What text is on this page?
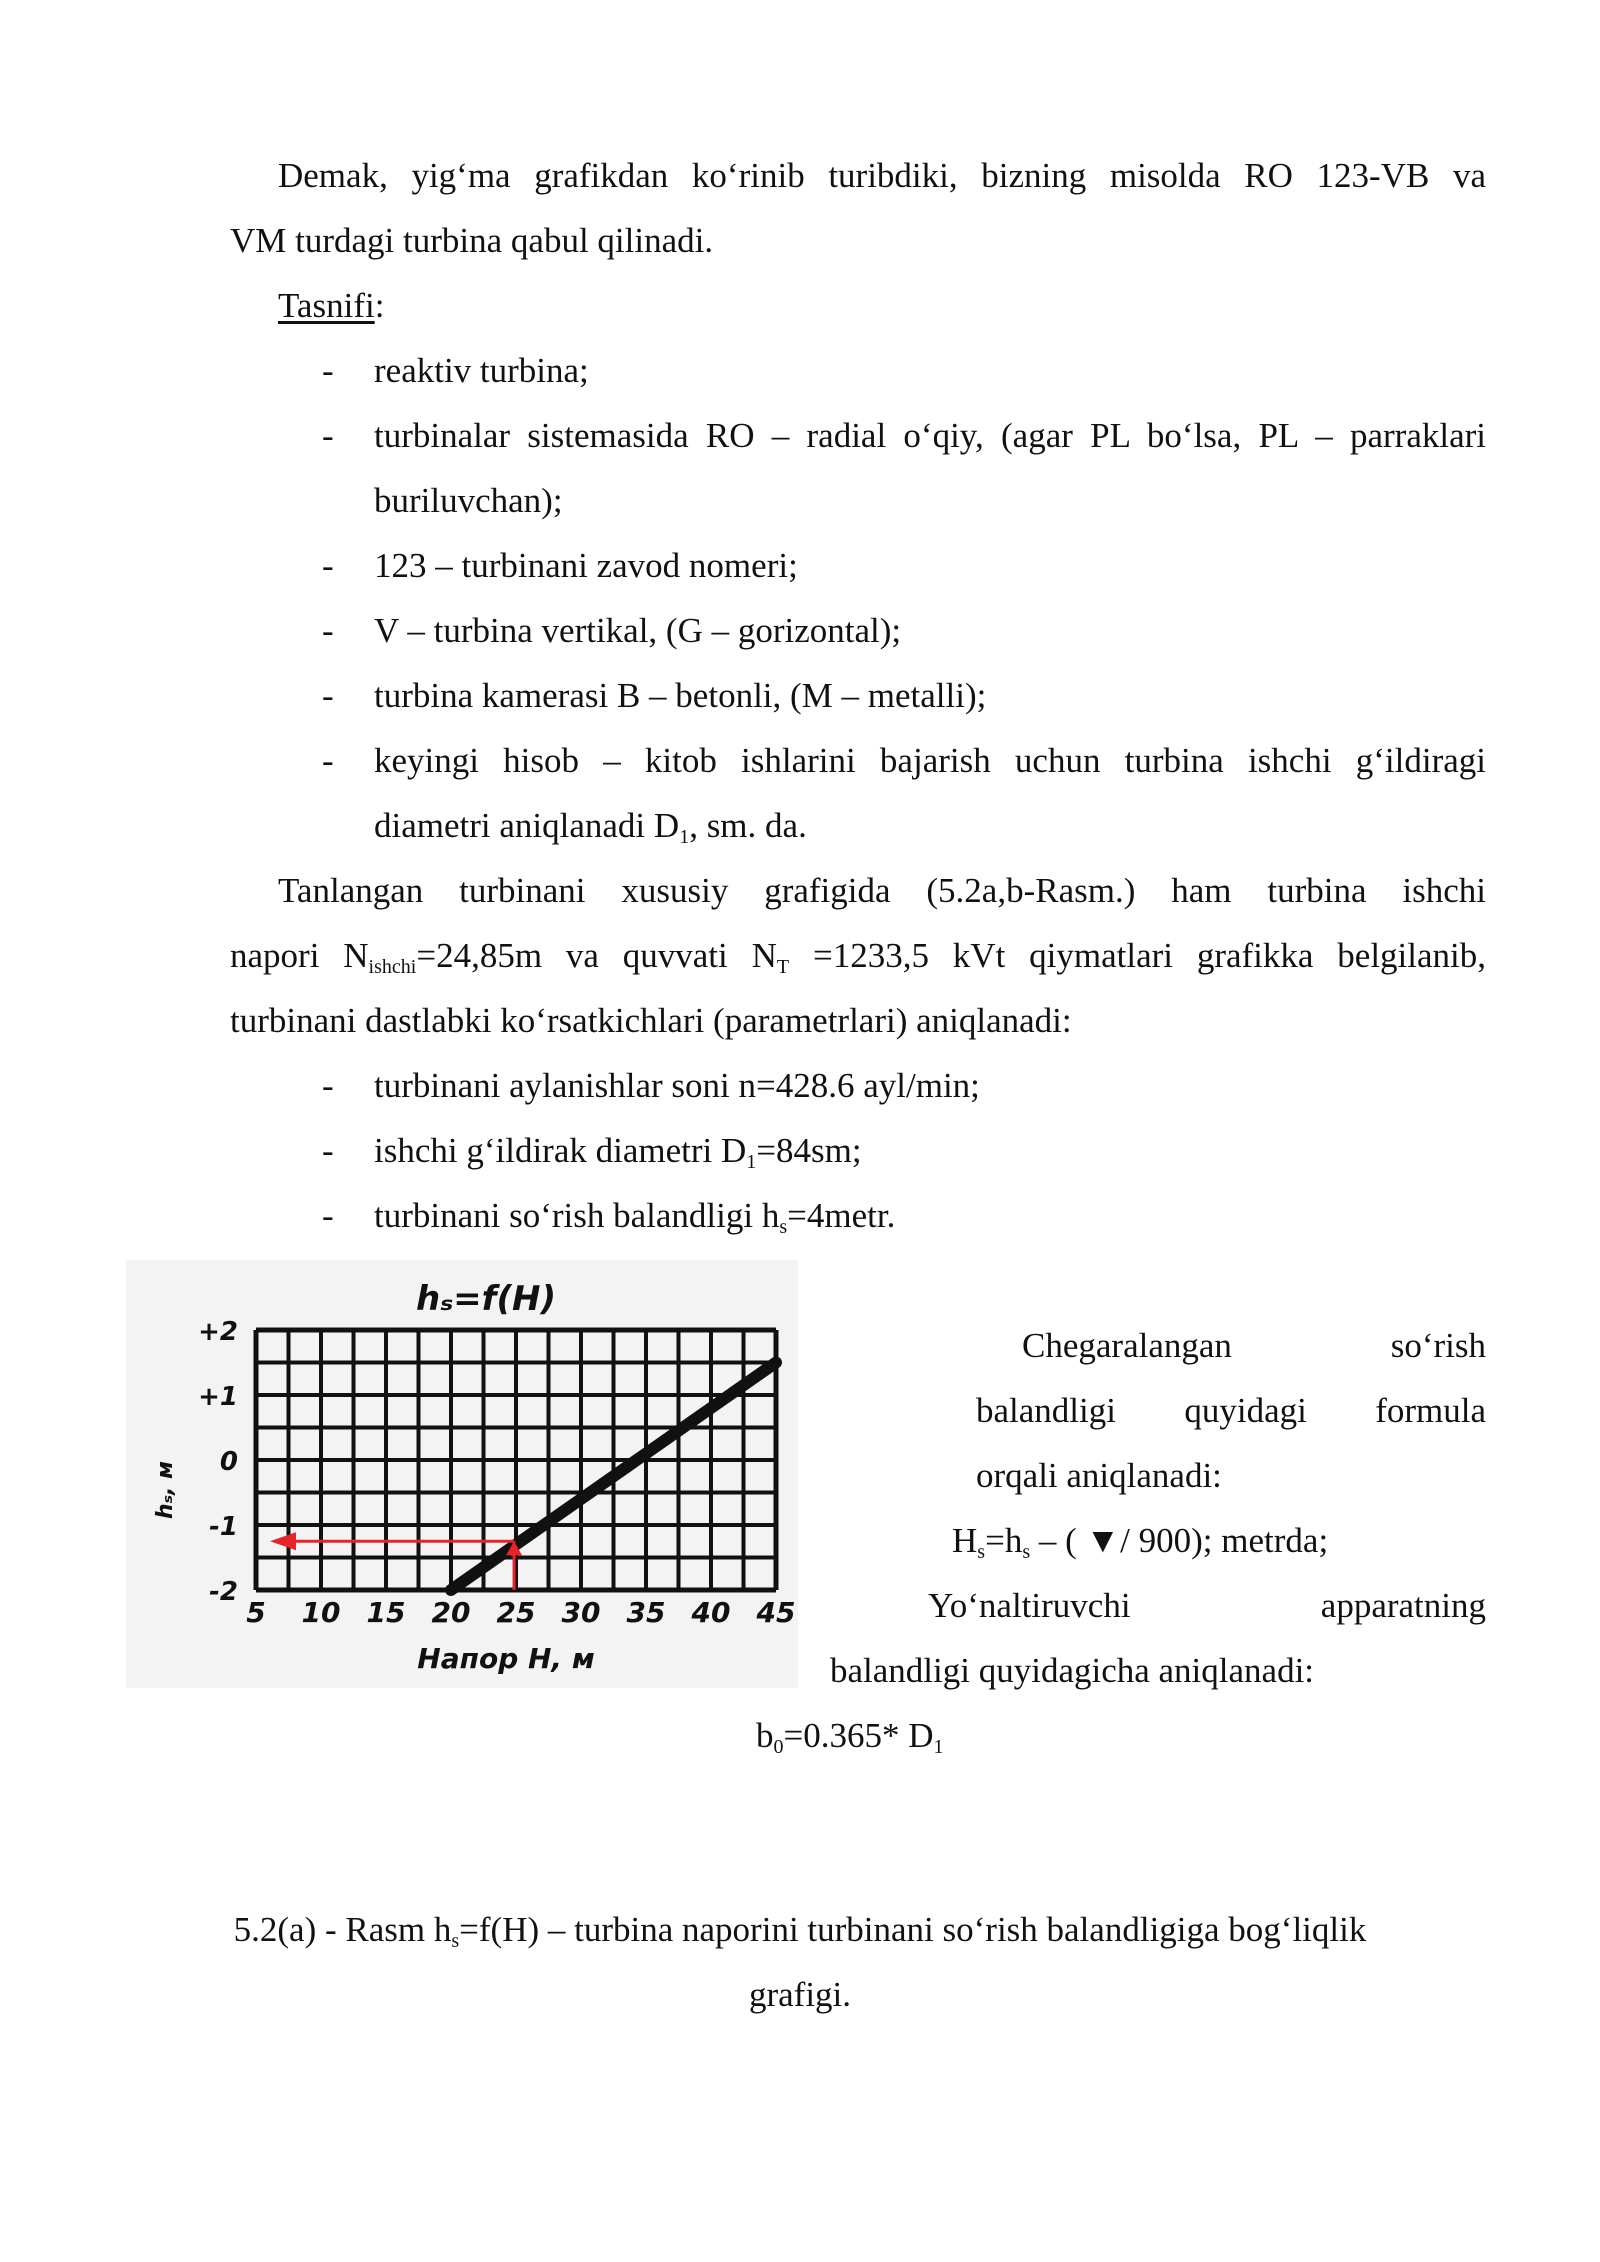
Demak, yig‘ma grafikdan ko‘rinib turibdiki, bizning misolda RO 123-VB va
VM turdagi turbina qabul qilinadi.
Tasnifi:
- reaktiv turbina;
- turbinalar sistemasida RO – radial o‘qiy, (agar PL bo‘lsa, PL – parraklari
buriluvchan);
- 123 – turbinani zavod nomeri;
- V – turbina vertikal, (G – gorizontal);
- turbina kamerasi B – betonli, (M – metalli);
- keyingi hisob – kitob ishlarini bajarish uchun turbina ishchi g‘ildiragi
diametri aniqlanadi $D_1$, sm. da.
Tanlangan turbinani xususiy grafigida (5.2a,b-Rasm.) ham turbina ishchi
napori $N_{ishchi}=24,85m$ va quvvati $N_T =1233,5$ kVt qiymatlari grafikka belgilanib,
turbinani dastlabki ko‘rsatkichlari (parametrlari) aniqlanadi:
- turbinani aylanishlar soni n=428.6 ayl/min;
- ishchi g‘ildirak diametri $D_1=84sm$;
- turbinani so‘rish balandligi $h_s=4metr$.
hₛ=f(H)
5 10 15 20 25 30 35 40 45
+2
+1
0
-1
-2
Напор H, м
hₛ, м
Chegaralangan	so‘rish
balandligi quyidagi formula
orqali aniqlanadi:
$H_s=h_s$ – ( ▼/ 900); metrda;
Yo‘naltiruvchi	apparatning
balandligi quyidagicha aniqlanadi:
$b_0=0.365*$ $D_1$
5.2(a) - Rasm $h_s=f(H)$ – turbina naporini turbinani so‘rish balandligiga bog‘liqlik
grafigi.
